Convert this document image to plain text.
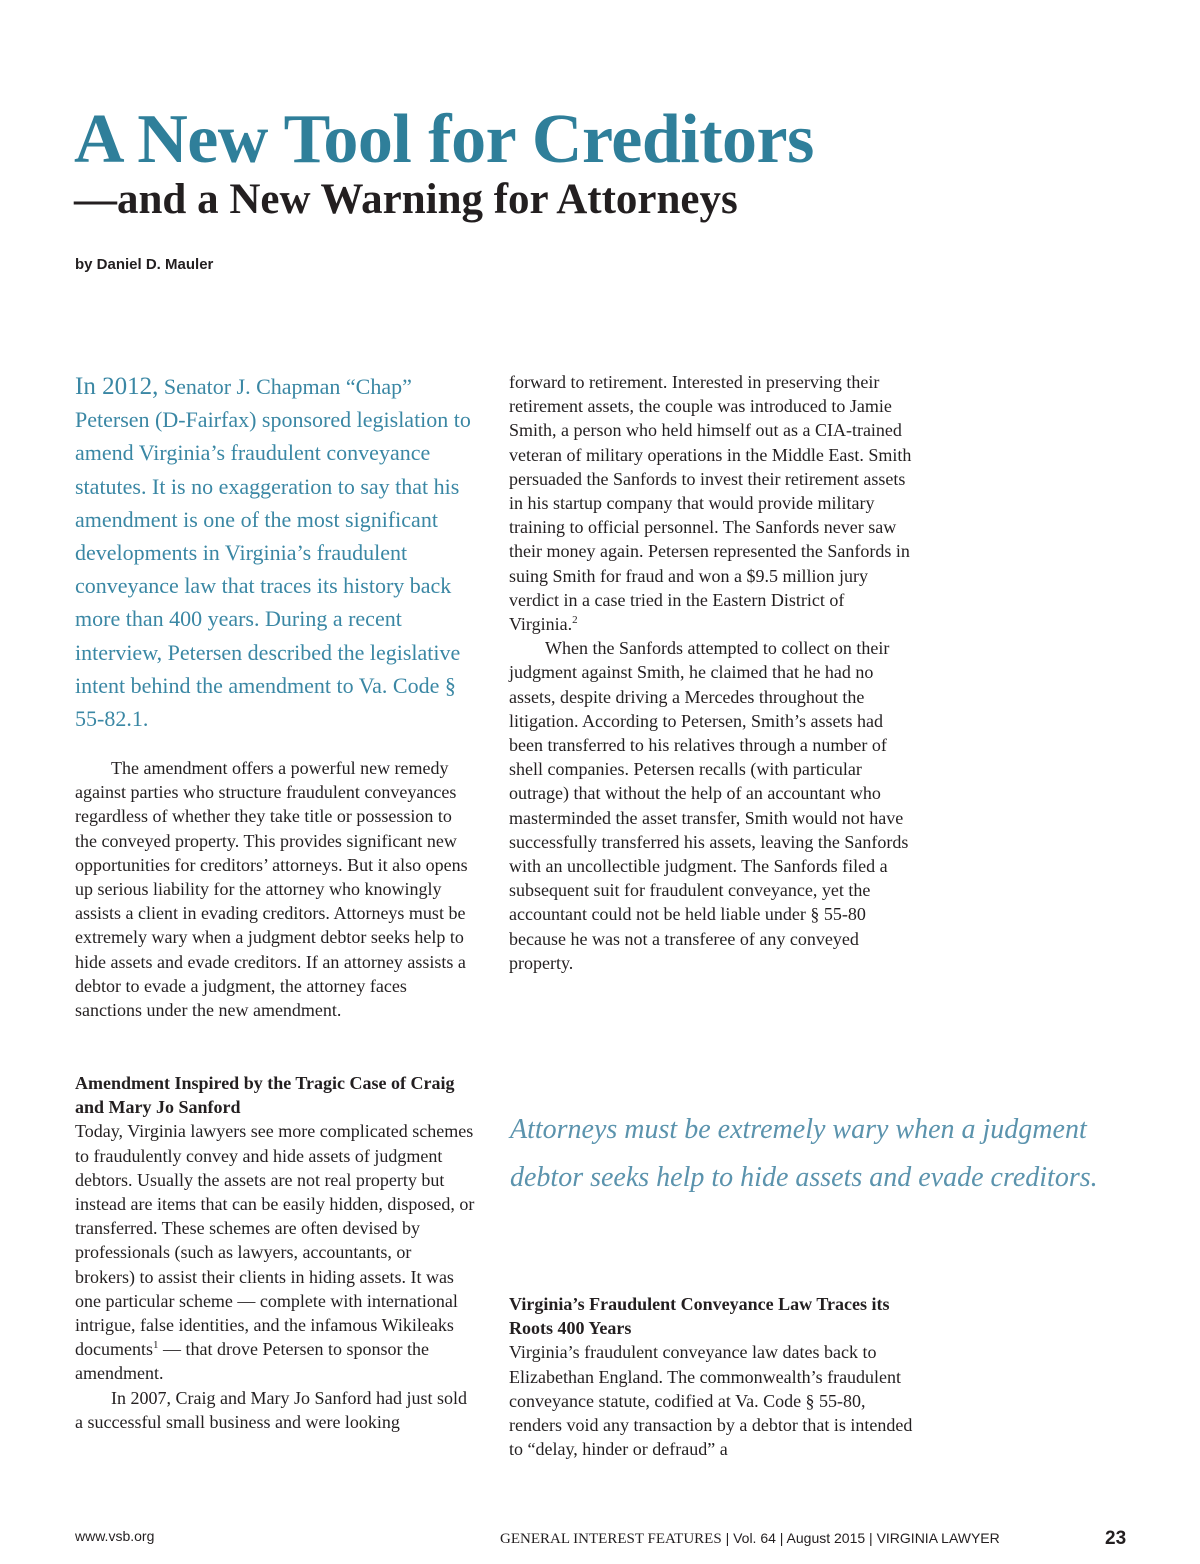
A New Tool for Creditors
—and a New Warning for Attorneys
by Daniel D. Mauler

In 2012, Senator J. Chapman “Chap” Petersen (D-Fairfax) sponsored legislation to amend Virginia’s fraudulent conveyance statutes. It is no exaggeration to say that his amendment is one of the most significant developments in Virginia’s fraudulent conveyance law that traces its history back more than 400 years. During a recent interview, Petersen described the legislative intent behind the amendment to Va. Code § 55-82.1.

The amendment offers a powerful new remedy against parties who structure fraudulent conveyances regardless of whether they take title or possession to the conveyed property. This provides significant new opportunities for creditors’ attorneys. But it also opens up serious liability for the attorney who knowingly assists a client in evading creditors. Attorneys must be extremely wary when a judgment debtor seeks help to hide assets and evade creditors. If an attorney assists a debtor to evade a judgment, the attorney faces sanctions under the new amendment.

Amendment Inspired by the Tragic Case of Craig and Mary Jo Sanford

Today, Virginia lawyers see more complicated schemes to fraudulently convey and hide assets of judgment debtors. Usually the assets are not real property but instead are items that can be easily hidden, disposed, or transferred. These schemes are often devised by professionals (such as lawyers, accountants, or brokers) to assist their clients in hiding assets. It was one particular scheme — complete with international intrigue, false identities, and the infamous Wikileaks documents$^1$ — that drove Petersen to sponsor the amendment.

In 2007, Craig and Mary Jo Sanford had just sold a successful small business and were looking

forward to retirement. Interested in preserving their retirement assets, the couple was introduced to Jamie Smith, a person who held himself out as a CIA-trained veteran of military operations in the Middle East. Smith persuaded the Sanfords to invest their retirement assets in his startup company that would provide military training to official personnel. The Sanfords never saw their money again. Petersen represented the Sanfords in suing Smith for fraud and won a $9.5 million jury verdict in a case tried in the Eastern District of Virginia.$^2$

When the Sanfords attempted to collect on their judgment against Smith, he claimed that he had no assets, despite driving a Mercedes throughout the litigation. According to Petersen, Smith’s assets had been transferred to his relatives through a number of shell companies. Petersen recalls (with particular outrage) that without the help of an accountant who masterminded the asset transfer, Smith would not have successfully transferred his assets, leaving the Sanfords with an uncollectible judgment. The Sanfords filed a subsequent suit for fraudulent conveyance, yet the accountant could not be held liable under § 55-80 because he was not a transferee of any conveyed property.

Attorneys must be extremely wary when a judgment debtor seeks help to hide assets and evade creditors.

Virginia’s Fraudulent Conveyance Law Traces its Roots 400 Years

Virginia’s fraudulent conveyance law dates back to Elizabethan England. The commonwealth’s fraudulent conveyance statute, codified at Va. Code § 55-80, renders void any transaction by a debtor that is intended to “delay, hinder or defraud” a

www.vsb.org	GENERAL INTEREST FEATURES | Vol. 64 | August 2015 | VIRGINIA LAWYER	23
